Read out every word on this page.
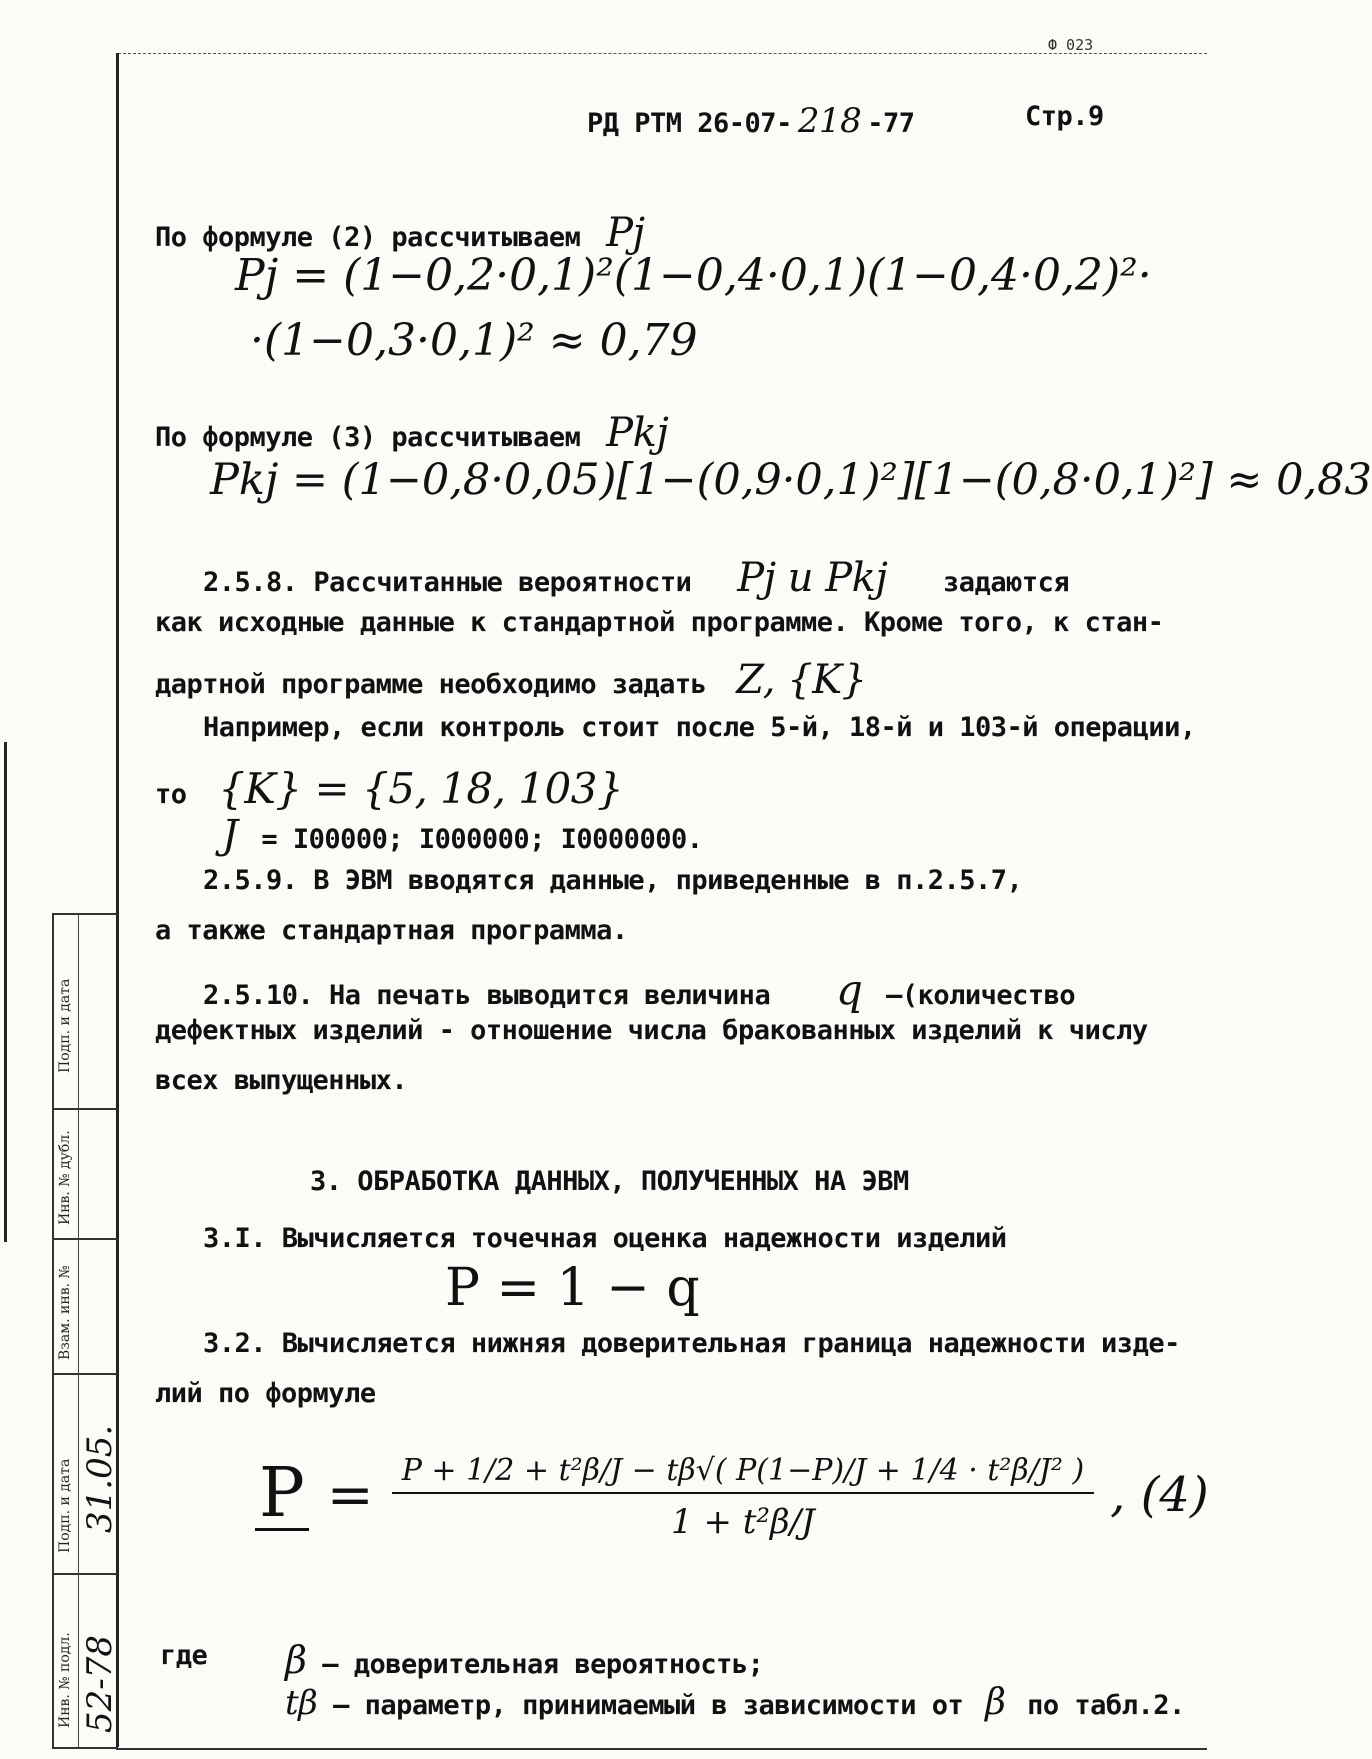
Ф 023
РД РТМ 26-07- 218 -77	Стр.9
По формуле (2) рассчитываем Pj
Pj = (1−0,2·0,1)²(1−0,4·0,1)(1−0,4·0,2)²·
·(1−0,3·0,1)² ≈ 0,79
По формуле (3) рассчитываем Pkj
Pkj = (1−0,8·0,05)[1−(0,9·0,1)²][1−(0,8·0,1)²] ≈ 0,83
2.5.8. Рассчитанные вероятности Pj и Pkj задаются
как исходные данные к стандартной программе. Кроме того, к стан-
дартной программе необходимо задать Z, {K}
Например, если контроль стоит после 5-й, 18-й и 103-й операции,
то {K} = {5, 18, 103}
J = I00000; I000000; I0000000.
2.5.9. В ЭВМ вводятся данные, приведенные в п.2.5.7,
а также стандартная программа.
2.5.10. На печать выводится величина q —(количество
дефектных изделий - отношение числа бракованных изделий к числу
всех выпущенных.
3. ОБРАБОТКА ДАННЫХ, ПОЛУЧЕННЫХ НА ЭВМ
3.I. Вычисляется точечная оценка надежности изделий
P = 1 − q
3.2. Вычисляется нижняя доверительная граница надежности изде-
лий по формуле
$P = \frac{\text{P + 1/2 + t²β/J − tβ√( P(1−P)/J + 1/4 · t²β/J² )}}{\text{1 + t²β/J}}$ , (4)
где β – доверительная вероятность;
tβ – параметр, принимаемый в зависимости от β по табл.2.
Подп. и дата
Инв. № дубл.
Взам. инв. №
Подп. и дата
Инв. № подл.
31.05.
52-78
